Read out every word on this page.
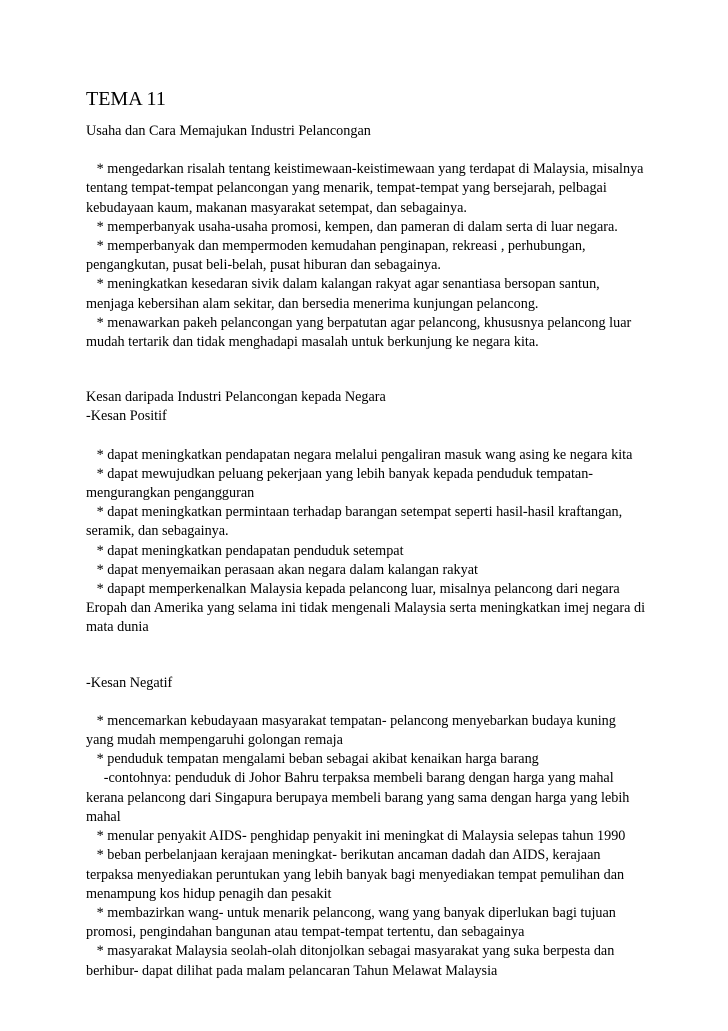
TEMA 11

Usaha dan Cara Memajukan Industri Pelancongan

* mengedarkan risalah tentang keistimewaan-keistimewaan yang terdapat di Malaysia, misalnya tentang tempat-tempat pelancongan yang menarik, tempat-tempat yang bersejarah, pelbagai kebudayaan kaum, makanan masyarakat setempat, dan sebagainya.

* memperbanyak usaha-usaha promosi, kempen, dan pameran di dalam serta di luar negara.

* memperbanyak dan mempermoden kemudahan penginapan, rekreasi , perhubungan, pengangkutan, pusat beli-belah, pusat hiburan dan sebagainya.

* meningkatkan kesedaran sivik dalam kalangan rakyat agar senantiasa bersopan santun, menjaga kebersihan alam sekitar, dan bersedia menerima kunjungan pelancong.

* menawarkan pakeh pelancongan yang berpatutan agar pelancong, khususnya pelancong luar mudah tertarik dan tidak menghadapi masalah untuk berkunjung ke negara kita.

Kesan daripada Industri Pelancongan kepada Negara

-Kesan Positif

* dapat meningkatkan pendapatan negara melalui pengaliran masuk wang asing ke negara kita

* dapat mewujudkan peluang pekerjaan yang lebih banyak kepada penduduk tempatan-mengurangkan pengangguran

* dapat meningkatkan permintaan terhadap barangan setempat seperti hasil-hasil kraftangan, seramik, dan sebagainya.

* dapat meningkatkan pendapatan penduduk setempat

* dapat menyemaikan perasaan akan negara dalam kalangan rakyat

* dapapt memperkenalkan Malaysia kepada pelancong luar, misalnya pelancong dari negara Eropah dan Amerika yang selama ini tidak mengenali Malaysia serta meningkatkan imej negara di mata dunia

-Kesan Negatif

* mencemarkan kebudayaan masyarakat tempatan- pelancong menyebarkan budaya kuning yang mudah mempengaruhi golongan remaja

* penduduk tempatan mengalami beban sebagai akibat kenaikan harga barang

-contohnya: penduduk di Johor Bahru terpaksa membeli barang dengan harga yang mahal kerana pelancong dari Singapura berupaya membeli barang yang sama dengan harga yang lebih mahal

* menular penyakit AIDS- penghidap penyakit ini meningkat di Malaysia selepas tahun 1990

* beban perbelanjaan kerajaan meningkat- berikutan ancaman dadah dan AIDS, kerajaan terpaksa menyediakan peruntukan yang lebih banyak bagi menyediakan tempat pemulihan dan menampung kos hidup penagih dan pesakit

* membazirkan wang- untuk menarik pelancong, wang yang banyak diperlukan bagi tujuan promosi, pengindahan bangunan atau tempat-tempat tertentu, dan sebagainya

* masyarakat Malaysia seolah-olah ditonjolkan sebagai masyarakat yang suka berpesta dan berhibur- dapat dilihat pada malam pelancaran Tahun Melawat Malaysia
